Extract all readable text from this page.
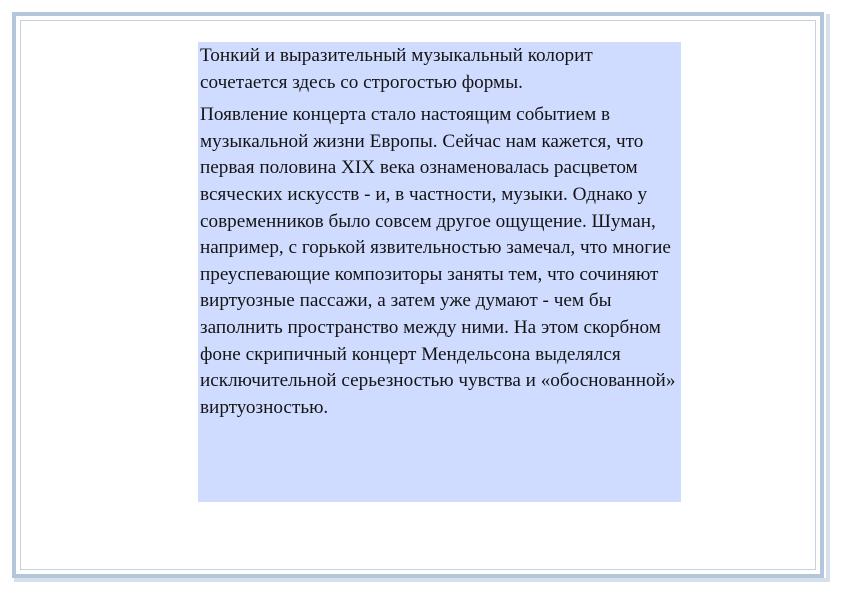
Тонкий и выразительный музыкальный колорит сочетается здесь со строгостью формы.

Появление концерта стало настоящим событием в музыкальной жизни Европы. Сейчас нам кажется, что первая половина XIX века ознаменовалась расцветом всяческих искусств - и, в частности, музыки. Однако у современников было совсем другое ощущение. Шуман, например, с горькой язвительностью замечал, что многие преуспевающие композиторы заняты тем, что сочиняют виртуозные пассажи, а затем уже думают - чем бы заполнить пространство между ними. На этом скорбном фоне скрипичный концерт Мендельсона выделялся исключительной серьезностью чувства и «обоснованной» виртуозностью.
